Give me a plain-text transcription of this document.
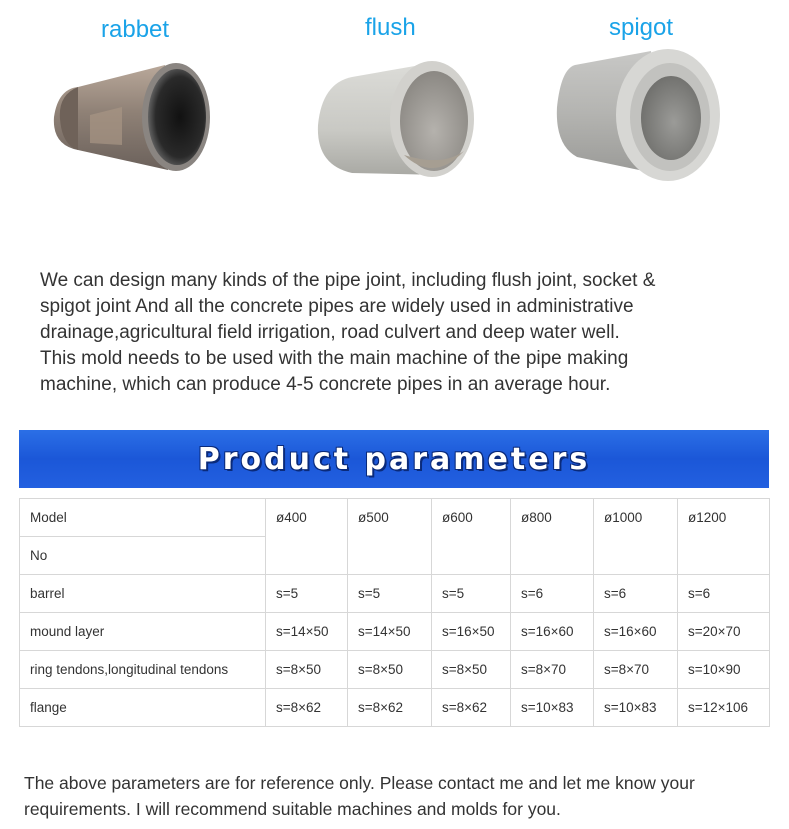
rabbet	flush	spigot

We can design many kinds of the pipe joint, including flush joint, socket &
spigot joint And all the concrete pipes are widely used in administrative
drainage,agricultural field irrigation, road culvert and deep water well.
This mold needs to be used with the main machine of the pipe making
machine, which can produce 4-5 concrete pipes in an average hour.

Product parameters
Model	ø400	ø500	ø600	ø800	ø1000	ø1200
No						
barrel	s=5	s=5	s=5	s=6	s=6	s=6
mound layer	s=14×50	s=14×50	s=16×50	s=16×60	s=16×60	s=20×70
ring tendons,longitudinal tendons	s=8×50	s=8×50	s=8×50	s=8×70	s=8×70	s=10×90
flange	s=8×62	s=8×62	s=8×62	s=10×83	s=10×83	s=12×106

The above parameters are for reference only. Please contact me and let me know your
requirements. I will recommend suitable machines and molds for you.
